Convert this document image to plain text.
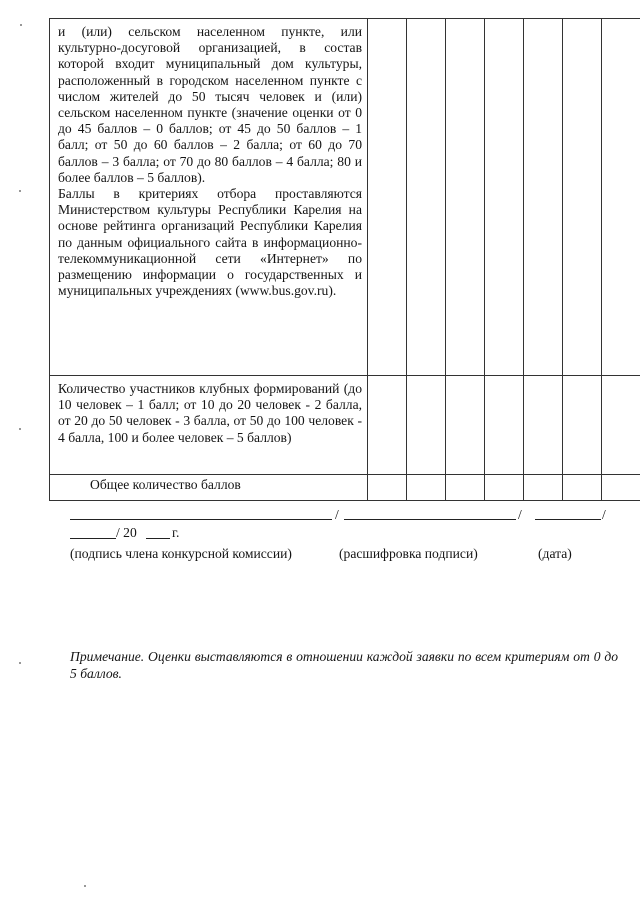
и (или) сельском населенном пункте, или культурно-досуговой организацией, в состав которой входит муниципальный дом культуры, расположенный в городском населенном пункте с числом жителей до 50 тысяч человек и (или) сельском населенном пункте (значение оценки от 0 до 45 баллов – 0 баллов; от 45 до 50 баллов – 1 балл; от 50 до 60 баллов – 2 балла; от 60 до 70 баллов – 3 балла; от 70 до 80 баллов – 4 балла; 80 и более баллов – 5 баллов).
Баллы в критериях отбора проставляются Министерством культуры Республики Карелия на основе рейтинга организаций Республики Карелия по данным официального сайта в информационно-телекоммуникационной сети «Интернет» по размещению информации о государственных и муниципальных учреждениях (www.bus.gov.ru).							
Количество участников клубных формирований (до 10 человек – 1 балл; от 10 до 20 человек - 2 балла, от 20 до 50 человек - 3 балла, от 50 до 100 человек - 4 балла, 100 и более человек – 5 баллов)							
Общее количество баллов							
/	/	/
/ 20	г.
(подпись члена конкурсной комиссии)	(расшифровка подписи)	(дата)
Примечание. Оценки выставляются в отношении каждой заявки по всем критериям от 0 до 5 баллов.
